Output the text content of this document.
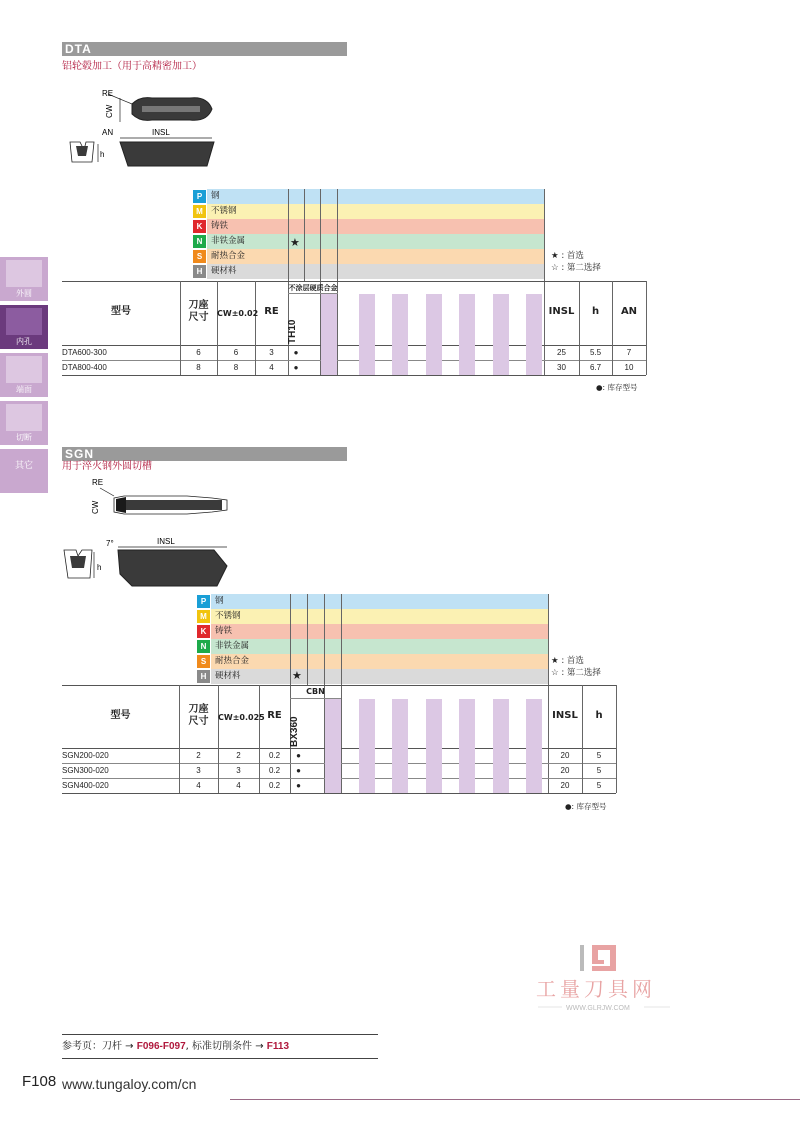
外圆
内孔
端面
切断
其它
DTA
铝轮毂加工（用于高精密加工）
RE
CW
AN	INSL
h
钢
P
不锈钢
M
铸铁
K
非铁金属
N
耐热合金
S
硬材料
H
★
★ : 首选
☆ : 第二选择
不涂层硬质合金
TH10
型号
刀座
尺寸	CW±0.02 RE	INSL	h	AN
DTA600-300	6	6	3	●	25	5.5	7
DTA800-400	8	8	4	●	30	6.7	10
●: 库存型号
SGN
用于淬火钢外圆切槽
RE
CW
7°	INSL
h
钢
P
不锈钢
M
铸铁
K
非铁金属
N
耐热合金
S
硬材料
H	★
★ : 首选
☆ : 第二选择
CBN
BX360
型号
刀座
尺寸	CW±0.025 RE	INSL	h
SGN200-020	2	2	0.2	●	20	5
SGN300-020	3	3	0.2	●	20	5
SGN400-020	4	4	0.2	●	20	5
●: 库存型号
工量刀具网
WWW.GLRJW.COM
参考页：刀杆 → F096-F097, 标准切削条件 → F113
F108 www.tungaloy.com/cn
